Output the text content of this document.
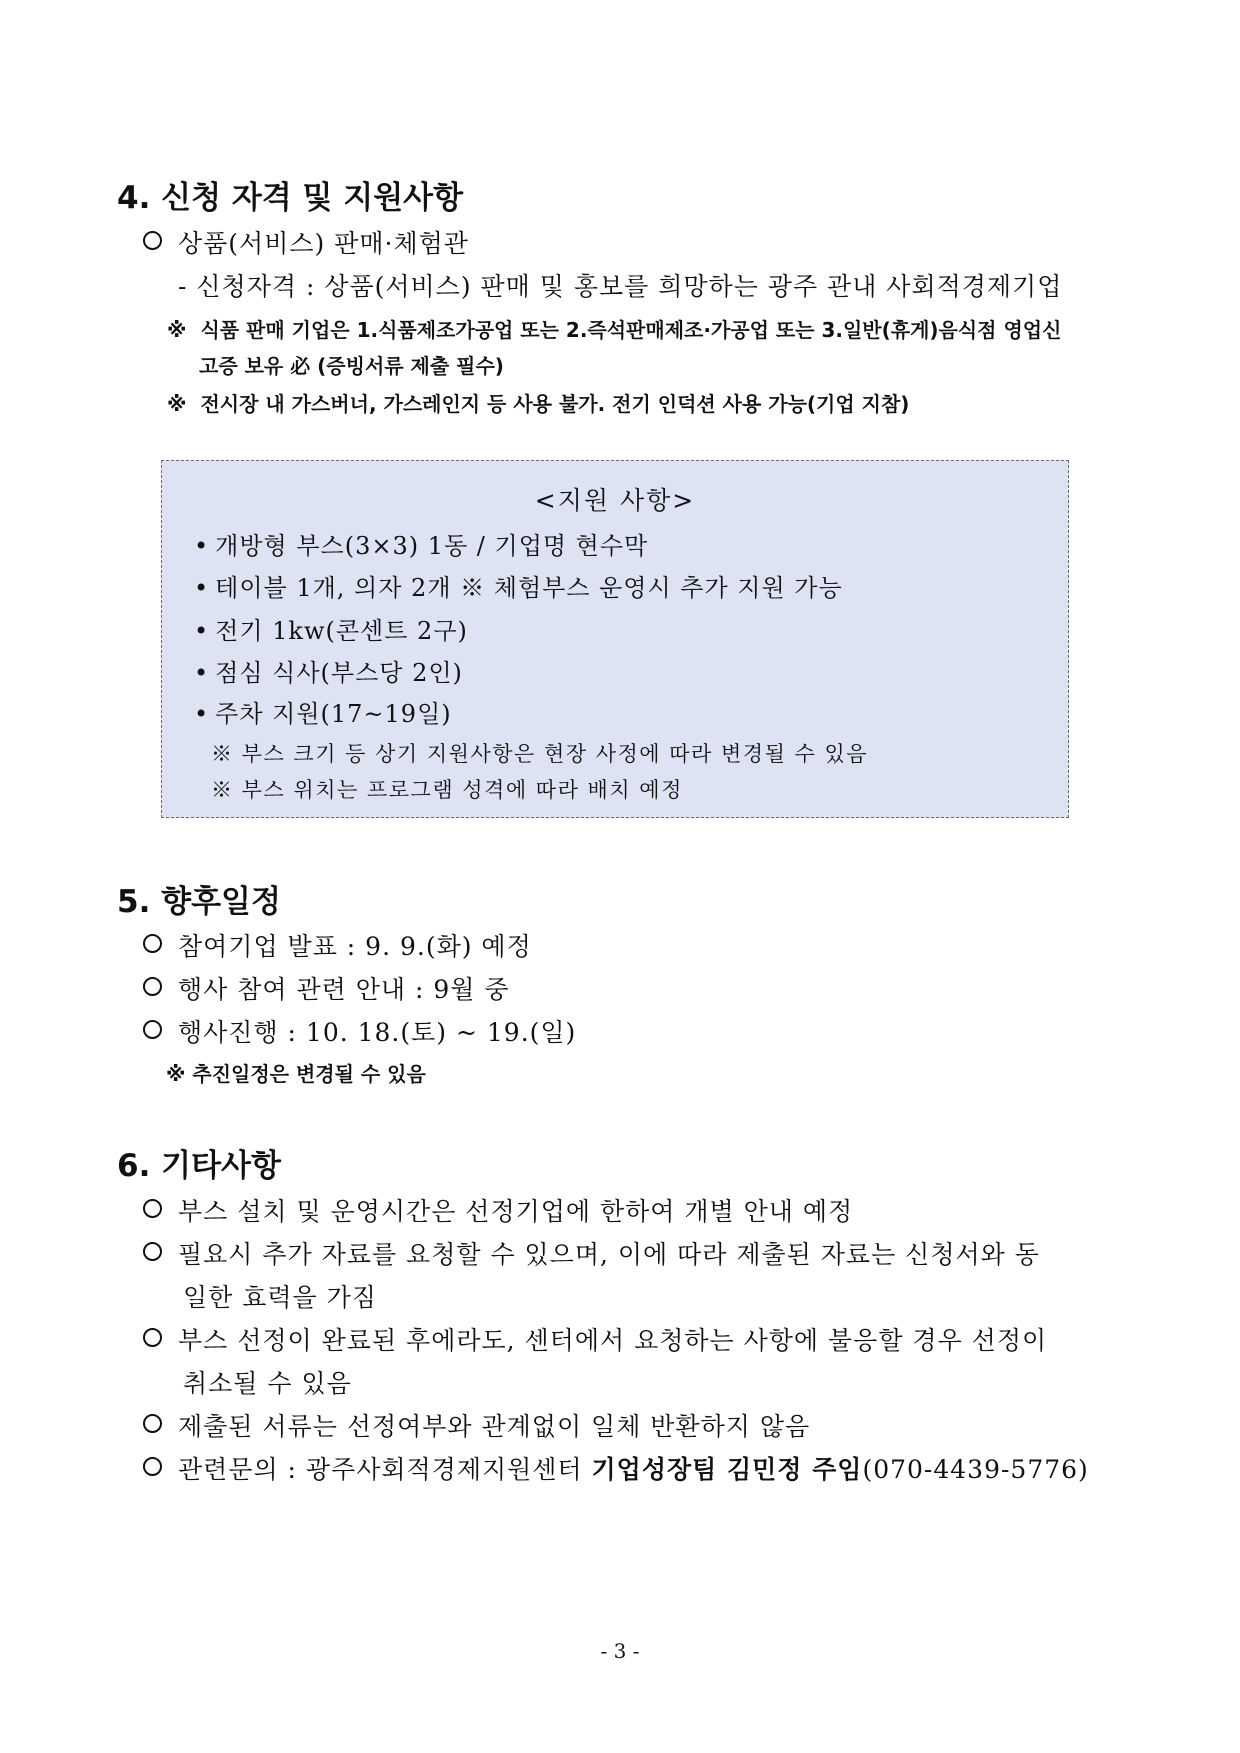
4. 신청 자격 및 지원사항
상품(서비스) 판매·체험관
- 신청자격 : 상품(서비스) 판매 및 홍보를 희망하는 광주 관내 사회적경제기업
※ 식품 판매 기업은 1.식품제조가공업 또는 2.즉석판매제조·가공업 또는 3.일반(휴게)음식점 영업신
고증 보유 必 (증빙서류 제출 필수)
※ 전시장 내 가스버너, 가스레인지 등 사용 불가. 전기 인덕션 사용 가능(기업 지참)
<지원 사항>
• 개방형 부스(3×3) 1동 / 기업명 현수막
• 테이블 1개, 의자 2개 ※ 체험부스 운영시 추가 지원 가능
• 전기 1kw(콘센트 2구)
• 점심 식사(부스당 2인)
• 주차 지원(17~19일)
※ 부스 크기 등 상기 지원사항은 현장 사정에 따라 변경될 수 있음
※ 부스 위치는 프로그램 성격에 따라 배치 예정
5. 향후일정
참여기업 발표 : 9. 9.(화) 예정
행사 참여 관련 안내 : 9월 중
행사진행 : 10. 18.(토) ~ 19.(일)
※ 추진일정은 변경될 수 있음
6. 기타사항
부스 설치 및 운영시간은 선정기업에 한하여 개별 안내 예정
필요시 추가 자료를 요청할 수 있으며, 이에 따라 제출된 자료는 신청서와 동
일한 효력을 가짐
부스 선정이 완료된 후에라도, 센터에서 요청하는 사항에 불응할 경우 선정이
취소될 수 있음
제출된 서류는 선정여부와 관계없이 일체 반환하지 않음
관련문의 : 광주사회적경제지원센터 기업성장팀 김민정 주임(070-4439-5776)
- 3 -
